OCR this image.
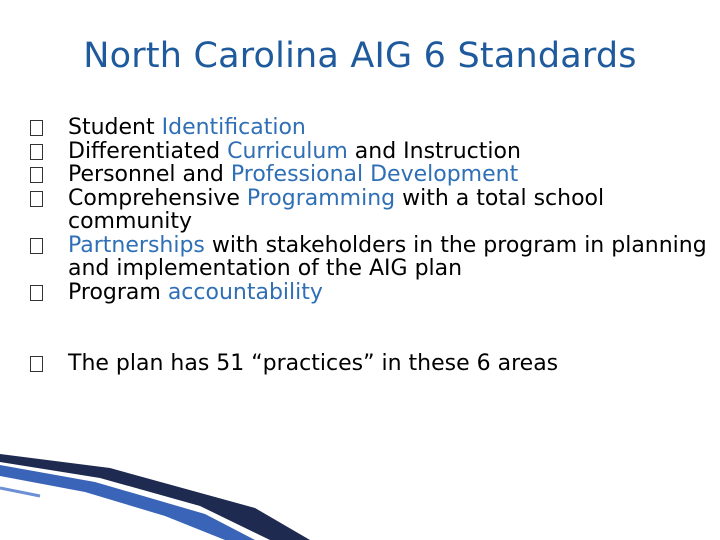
North Carolina AIG 6 Standards
Student Identification
Differentiated Curriculum and Instruction
Personnel and Professional Development
Comprehensive Programming with a total school community
Partnerships with stakeholders in the program in planning and implementation of the AIG plan
Program accountability
The plan has 51 “practices” in these 6 areas
